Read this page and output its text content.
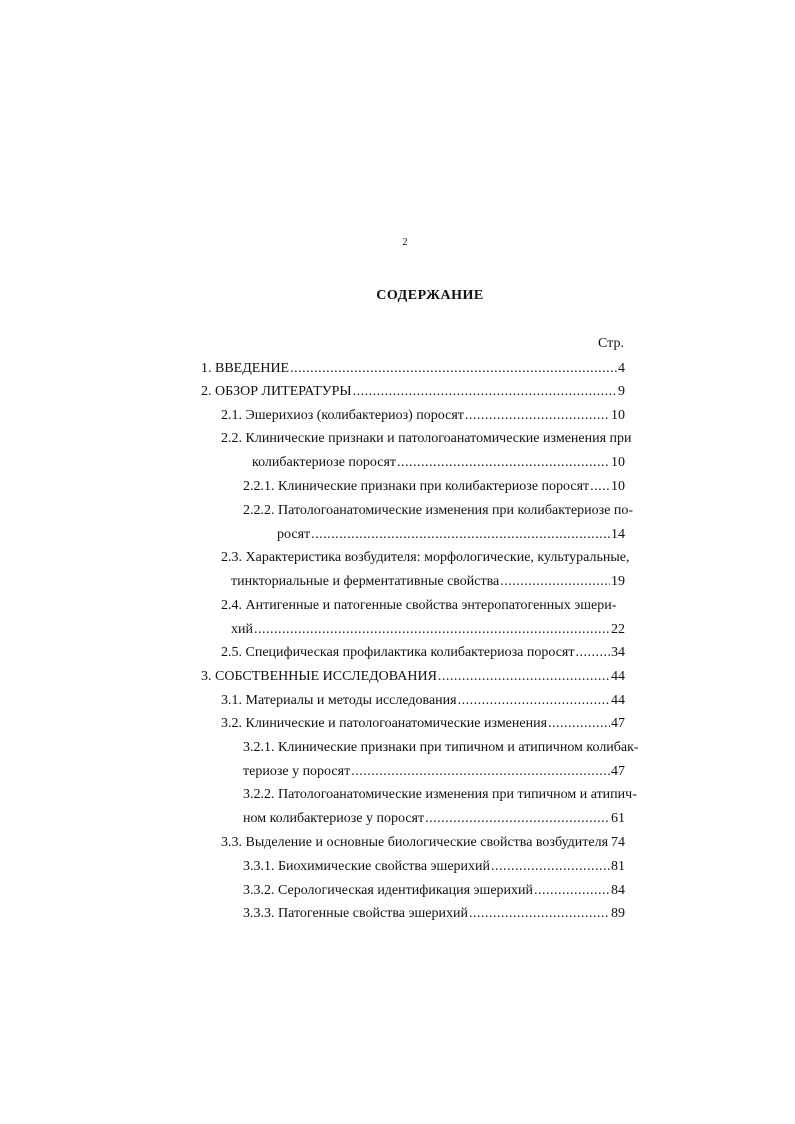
2
СОДЕРЖАНИЕ
Стр.
1. ВВЕДЕНИЕ .....	4
2. ОБЗОР ЛИТЕРАТУРЫ .....	9
2.1. Эшерихиоз (колибактериоз) поросят .....	10
2.2. Клинические признаки и патологоанатомические изменения при
колибактериозе поросят .....	10
2.2.1. Клинические признаки при колибактериозе поросят ..... 10
2.2.2. Патологоанатомические изменения при колибактериозе по-
росят .....	14
2.3. Характеристика возбудителя: морфологические, культуральные,
тинкториальные и ферментативные свойства .....	19
2.4. Антигенные и патогенные свойства энтеропатогенных эшери-
хий .....	22
2.5. Специфическая профилактика колибактериоза поросят .....	34
3. СОБСТВЕННЫЕ ИССЛЕДОВАНИЯ .....	44
3.1. Материалы и методы исследования .....	44
3.2. Клинические и патологоанатомические изменения .....	47
3.2.1. Клинические признаки при типичном и атипичном колибак-
териозе у поросят .....	47
3.2.2. Патологоанатомические изменения при типичном и атипич-
ном колибактериозе у поросят .....	61
3.3. Выделение и основные биологические свойства возбудителя ..... 74
3.3.1. Биохимические свойства эшерихий .....	81
3.3.2. Серологическая идентификация эшерихий .....	84
3.3.3. Патогенные свойства эшерихий .....	89
